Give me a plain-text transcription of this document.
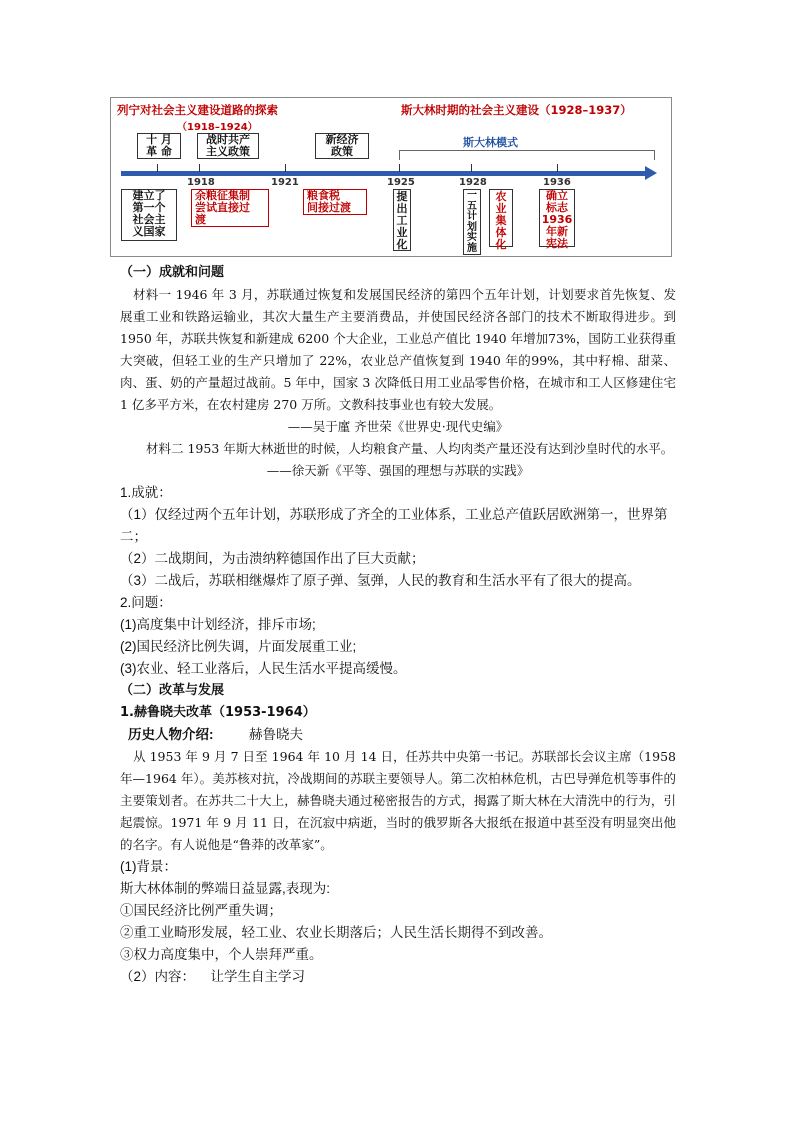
列宁对社会主义建设道路的探索
（1918–1924）
斯大林时期的社会主义建设（1928–1937）
十 月
革 命
战时共产
主义政策
新经济
政策
斯大林模式
1918	1921	1925	1928	1936
建立了
第一个
社会主
义国家
余粮征集制
尝试直接过
渡
粮食税
间接过渡
提
出
工
业
化
一
五
计
划
实
施
农
业
集
体
化
确立
标志
1936
年新
宪法
（一）成就和问题
材料一 1946 年 3 月，苏联通过恢复和发展国民经济的第四个五年计划，计划要求首先恢复、发展重工业和铁路运输业，其次大量生产主要消费品，并使国民经济各部门的技术不断取得进步。到 1950 年，苏联共恢复和新建成 6200 个大企业，工业总产值比 1940 年增加73%，国防工业获得重大突破，但轻工业的生产只增加了 22%，农业总产值恢复到 1940 年的99%，其中籽棉、甜菜、肉、蛋、奶的产量超过战前。5 年中，国家 3 次降低日用工业品零售价格，在城市和工人区修建住宅 1 亿多平方米，在农村建房 270 万所。文教科技事业也有较大发展。
——吴于廑 齐世荣《世界史·现代史编》
材料二 1953 年斯大林逝世的时候，人均粮食产量、人均肉类产量还没有达到沙皇时代的水平。
——徐天新《平等、强国的理想与苏联的实践》
1.成就：
（1）仅经过两个五年计划，苏联形成了齐全的工业体系，工业总产值跃居欧洲第一，世界第二；
（2）二战期间，为击溃纳粹德国作出了巨大贡献；
（3）二战后，苏联相继爆炸了原子弹、氢弹，人民的教育和生活水平有了很大的提高。
2.问题：
(1)高度集中计划经济，排斥市场;
(2)国民经济比例失调，片面发展重工业;
(3)农业、轻工业落后，人民生活水平提高缓慢。
（二）改革与发展
1.赫鲁晓夫改革（1953-1964）
历史人物介绍:	赫鲁晓夫
从 1953 年 9 月 7 日至 1964 年 10 月 14 日，任苏共中央第一书记。苏联部长会议主席（1958 年—1964 年）。美苏核对抗，冷战期间的苏联主要领导人。第二次柏林危机，古巴导弹危机等事件的主要策划者。在苏共二十大上，赫鲁晓夫通过秘密报告的方式，揭露了斯大林在大清洗中的行为，引起震惊。1971 年 9 月 11 日，在沉寂中病逝，当时的俄罗斯各大报纸在报道中甚至没有明显突出他的名字。有人说他是“鲁莽的改革家”。
(1)背景：
斯大林体制的弊端日益显露,表现为:
①国民经济比例严重失调；
②重工业畸形发展，轻工业、农业长期落后；人民生活长期得不到改善。
③权力高度集中，个人崇拜严重。
（2）内容： 让学生自主学习
